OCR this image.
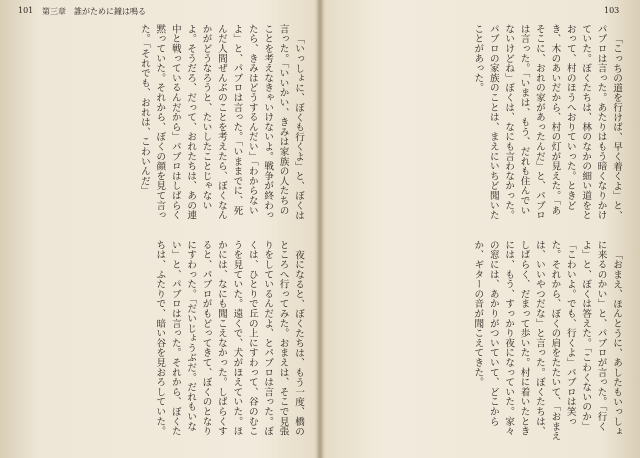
101 第三章　誰がために鐘は鳴る	103

「いっしょに、ぼくも行くよ」と、ぼくは言った。「いいかい、きみは家族の人たちのことを考えなきゃいけないよ。戦争が終わったら、きみはどうするんだい」「わからないよ」と、パブロは言った。「いままでに、死んだ人間ぜんぶのことを考えたら、ぼくなんかがどうなろうと、たいしたことじゃないよ。そうだろ、だって、おれたちは、あの連中と戦っているんだから」パブロはしばらく黙っていた。それから、ぼくの顔を見て言った。「それでも、おれは、こわいんだ」

夜になると、ぼくたちは、もう一度、橋のところへ行ってみた。おまえは、そこで見張りをしているんだよ、とパブロは言った。ぼくは、ひとりで丘の上にすわって、谷のむこうを見ていた。遠くで、犬がほえていた。ほかには、なにも聞こえなかった。しばらくすると、パブロがもどってきて、ぼくのとなりにすわった。「だいじょうぶだ。だれもいない」と、パブロは言った。それから、ぼくたちは、ふたりで、暗い谷を見おろしていた。

「こっちの道を行けば、早く着くよ」と、パブロは言った。あたりはもう暗くなりかけていた。ぼくたちは、林のなかの細い道をとおって、村のほうへおりていった。ときどき、木のあいだから、村の灯が見えた。「あそこに、おれの家があったんだ」と、パブロは言った。「いまは、もう、だれも住んでいないけどね」ぼくは、なにも言わなかった。パブロの家族のことは、まえにいちど聞いたことがあった。

「おまえ、ほんとうに、あしたもいっしょに来るのかい」と、パブロが言った。「行くよ」と、ぼくは答えた。「こわくないのか」「こわいよ。でも、行くよ」パブロは笑った。それから、ぼくの肩をたたいて、「おまえは、いいやつだな」と言った。ぼくたちは、しばらく、だまって歩いた。村に着いたときには、もう、すっかり夜になっていた。家々の窓には、あかりがついていて、どこからか、ギターの音が聞こえてきた。
